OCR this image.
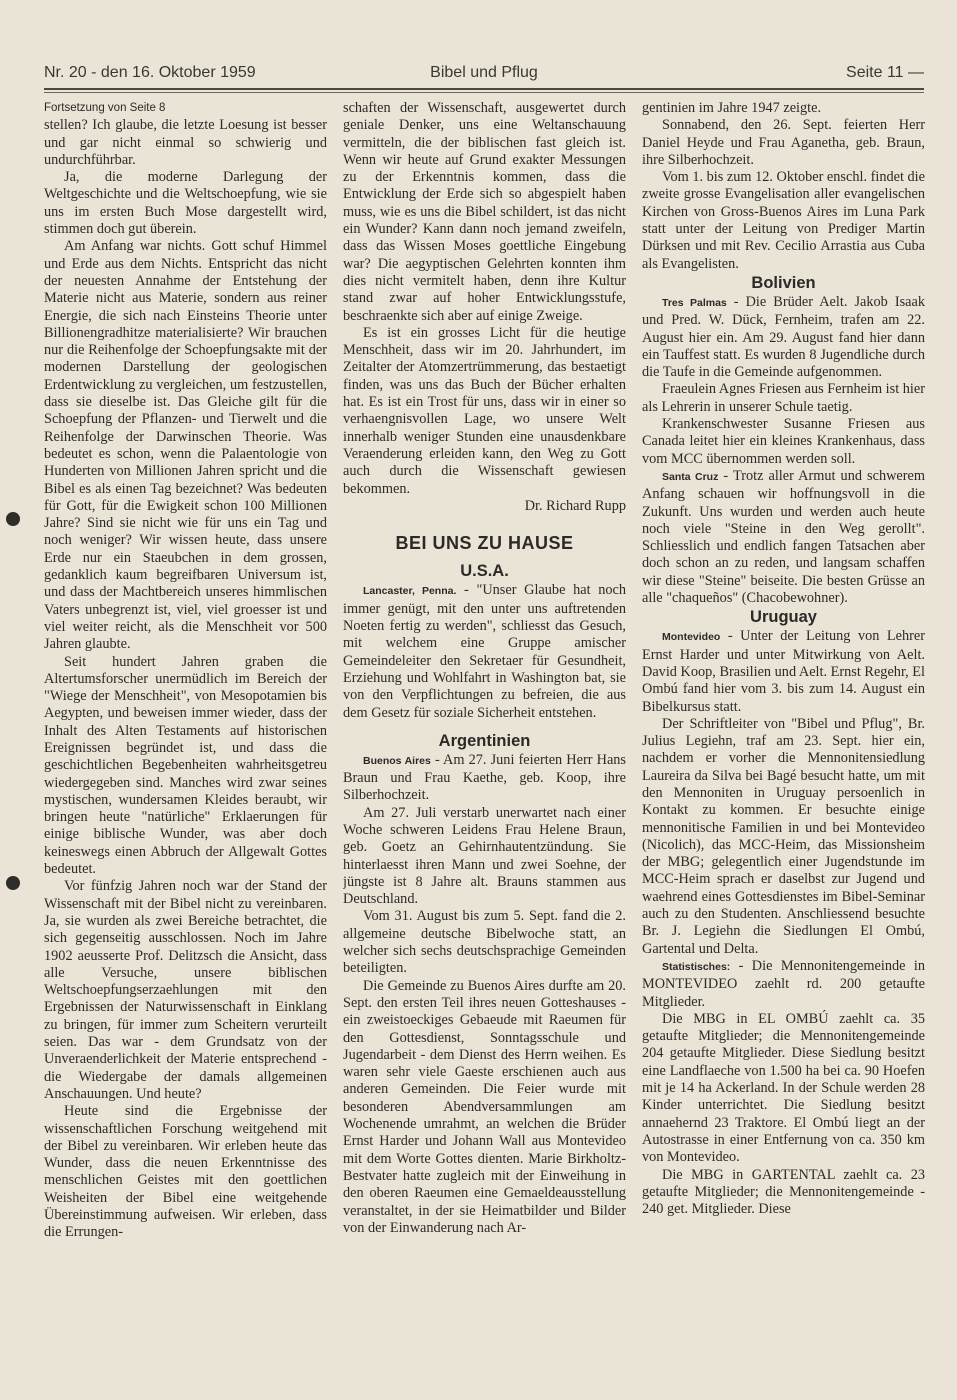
Nr. 20 - den 16. Oktober 1959	Bibel und Pflug	Seite 11 —

Fortsetzung von Seite 8

stellen? Ich glaube, die letzte Loesung ist besser und gar nicht einmal so schwierig und undurchführbar.

Ja, die moderne Darlegung der Weltgeschichte und die Weltschoepfung, wie sie uns im ersten Buch Mose dargestellt wird, stimmen doch gut überein.

Am Anfang war nichts. Gott schuf Himmel und Erde aus dem Nichts. Entspricht das nicht der neuesten Annahme der Entstehung der Materie nicht aus Materie, sondern aus reiner Energie, die sich nach Einsteins Theorie unter Billionengradhitze materialisierte? Wir brauchen nur die Reihenfolge der Schoepfungsakte mit der modernen Darstellung der geologischen Erdentwicklung zu vergleichen, um festzustellen, dass sie dieselbe ist. Das Gleiche gilt für die Schoepfung der Pflanzen- und Tierwelt und die Reihenfolge der Darwinschen Theorie. Was bedeutet es schon, wenn die Palaentologie von Hunderten von Millionen Jahren spricht und die Bibel es als einen Tag bezeichnet? Was bedeuten für Gott, für die Ewigkeit schon 100 Millionen Jahre? Sind sie nicht wie für uns ein Tag und noch weniger? Wir wissen heute, dass unsere Erde nur ein Staeubchen in dem grossen, gedanklich kaum begreifbaren Universum ist, und dass der Machtbereich unseres himmlischen Vaters unbegrenzt ist, viel, viel groesser ist und viel weiter reicht, als die Menschheit vor 500 Jahren glaubte.

Seit hundert Jahren graben die Altertumsforscher unermüdlich im Bereich der "Wiege der Menschheit", von Mesopotamien bis Aegypten, und beweisen immer wieder, dass der Inhalt des Alten Testaments auf historischen Ereignissen begründet ist, und dass die geschichtlichen Begebenheiten wahrheitsgetreu wiedergegeben sind. Manches wird zwar seines mystischen, wundersamen Kleides beraubt, wir bringen heute "natürliche" Erklaerungen für einige biblische Wunder, was aber doch keineswegs einen Abbruch der Allgewalt Gottes bedeutet.

Vor fünfzig Jahren noch war der Stand der Wissenschaft mit der Bibel nicht zu vereinbaren. Ja, sie wurden als zwei Bereiche betrachtet, die sich gegenseitig ausschlossen. Noch im Jahre 1902 aeusserte Prof. Delitzsch die Ansicht, dass alle Versuche, unsere biblischen Weltschoepfungserzaehlungen mit den Ergebnissen der Naturwissenschaft in Einklang zu bringen, für immer zum Scheitern verurteilt seien. Das war - dem Grundsatz von der Unveraenderlichkeit der Materie entsprechend - die Wiedergabe der damals allgemeinen Anschauungen. Und heute?

Heute sind die Ergebnisse der wissenschaftlichen Forschung weitgehend mit der Bibel zu vereinbaren. Wir erleben heute das Wunder, dass die neuen Erkenntnisse des menschlichen Geistes mit den goettlichen Weisheiten der Bibel eine weitgehende Übereinstimmung aufweisen. Wir erleben, dass die Errungen-

schaften der Wissenschaft, ausgewertet durch geniale Denker, uns eine Weltanschauung vermitteln, die der biblischen fast gleich ist. Wenn wir heute auf Grund exakter Messungen zu der Erkenntnis kommen, dass die Entwicklung der Erde sich so abgespielt haben muss, wie es uns die Bibel schildert, ist das nicht ein Wunder? Kann dann noch jemand zweifeln, dass das Wissen Moses goettliche Eingebung war? Die aegyptischen Gelehrten konnten ihm dies nicht vermitelt haben, denn ihre Kultur stand zwar auf hoher Entwicklungsstufe, beschraenkte sich aber auf einige Zweige.

Es ist ein grosses Licht für die heutige Menschheit, dass wir im 20. Jahrhundert, im Zeitalter der Atomzertrümmerung, das bestaetigt finden, was uns das Buch der Bücher erhalten hat. Es ist ein Trost für uns, dass wir in einer so verhaengnisvollen Lage, wo unsere Welt innerhalb weniger Stunden eine unausdenkbare Veraenderung erleiden kann, den Weg zu Gott auch durch die Wissenschaft gewiesen bekommen.

Dr. Richard Rupp

BEI UNS ZU HAUSE
U.S.A.

Lancaster, Penna. - "Unser Glaube hat noch immer genügt, mit den unter uns auftretenden Noeten fertig zu werden", schliesst das Gesuch, mit welchem eine Gruppe amischer Gemeindeleiter den Sekretaer für Gesundheit, Erziehung und Wohlfahrt in Washington bat, sie von den Verpflichtungen zu befreien, die aus dem Gesetz für soziale Sicherheit entstehen.

Argentinien

Buenos Aires - Am 27. Juni feierten Herr Hans Braun und Frau Kaethe, geb. Koop, ihre Silberhochzeit.

Am 27. Juli verstarb unerwartet nach einer Woche schweren Leidens Frau Helene Braun, geb. Goetz an Gehirnhautentzündung. Sie hinterlaesst ihren Mann und zwei Soehne, der jüngste ist 8 Jahre alt. Brauns stammen aus Deutschland.

Vom 31. August bis zum 5. Sept. fand die 2. allgemeine deutsche Bibelwoche statt, an welcher sich sechs deutschsprachige Gemeinden beteiligten.

Die Gemeinde zu Buenos Aires durfte am 20. Sept. den ersten Teil ihres neuen Gotteshauses - ein zweistoeckiges Gebaeude mit Raeumen für den Gottesdienst, Sonntagsschule und Jugendarbeit - dem Dienst des Herrn weihen. Es waren sehr viele Gaeste erschienen auch aus anderen Gemeinden. Die Feier wurde mit besonderen Abendversammlungen am Wochenende umrahmt, an welchen die Brüder Ernst Harder und Johann Wall aus Montevideo mit dem Worte Gottes dienten. Marie Birkholtz-Bestvater hatte zugleich mit der Einweihung in den oberen Raeumen eine Gemaeldeausstellung veranstaltet, in der sie Heimatbilder und Bilder von der Einwanderung nach Ar-

gentinien im Jahre 1947 zeigte.

Sonnabend, den 26. Sept. feierten Herr Daniel Heyde und Frau Aganetha, geb. Braun, ihre Silberhochzeit.

Vom 1. bis zum 12. Oktober enschl. findet die zweite grosse Evangelisation aller evangelischen Kirchen von Gross-Buenos Aires im Luna Park statt unter der Leitung von Prediger Martin Dürksen und mit Rev. Cecilio Arrastia aus Cuba als Evangelisten.

Bolivien

Tres Palmas - Die Brüder Aelt. Jakob Isaak und Pred. W. Dück, Fernheim, trafen am 22. August hier ein. Am 29. August fand hier dann ein Tauffest statt. Es wurden 8 Jugendliche durch die Taufe in die Gemeinde aufgenommen.

Fraeulein Agnes Friesen aus Fernheim ist hier als Lehrerin in unserer Schule taetig.

Krankenschwester Susanne Friesen aus Canada leitet hier ein kleines Krankenhaus, dass vom MCC übernommen werden soll.

Santa Cruz - Trotz aller Armut und schwerem Anfang schauen wir hoffnungsvoll in die Zukunft. Uns wurden und werden auch heute noch viele "Steine in den Weg gerollt". Schliesslich und endlich fangen Tatsachen aber doch schon an zu reden, und langsam schaffen wir diese "Steine" beiseite. Die besten Grüsse an alle "chaqueños" (Chacobewohner).

Uruguay

Montevideo - Unter der Leitung von Lehrer Ernst Harder und unter Mitwirkung von Aelt. David Koop, Brasilien und Aelt. Ernst Regehr, El Ombú fand hier vom 3. bis zum 14. August ein Bibelkursus statt.

Der Schriftleiter von "Bibel und Pflug", Br. Julius Legiehn, traf am 23. Sept. hier ein, nachdem er vorher die Mennonitensiedlung Laureira da Silva bei Bagé besucht hatte, um mit den Mennoniten in Uruguay persoenlich in Kontakt zu kommen. Er besuchte einige mennonitische Familien in und bei Montevideo (Nicolich), das MCC-Heim, das Missionsheim der MBG; gelegentlich einer Jugendstunde im MCC-Heim sprach er daselbst zur Jugend und waehrend eines Gottesdienstes im Bibel-Seminar auch zu den Studenten. Anschliessend besuchte Br. J. Legiehn die Siedlungen El Ombú, Gartental und Delta.

Statistisches: - Die Mennonitengemeinde in MONTEVIDEO zaehlt rd. 200 getaufte Mitglieder.

Die MBG in EL OMBÚ zaehlt ca. 35 getaufte Mitglieder; die Mennonitengemeinde 204 getaufte Mitglieder. Diese Siedlung besitzt eine Landflaeche von 1.500 ha bei ca. 90 Hoefen mit je 14 ha Ackerland. In der Schule werden 28 Kinder unterrichtet. Die Siedlung besitzt annaehernd 23 Traktore. El Ombú liegt an der Autostrasse in einer Entfernung von ca. 350 km von Montevideo.

Die MBG in GARTENTAL zaehlt ca. 23 getaufte Mitglieder; die Mennonitengemeinde - 240 get. Mitglieder. Diese
